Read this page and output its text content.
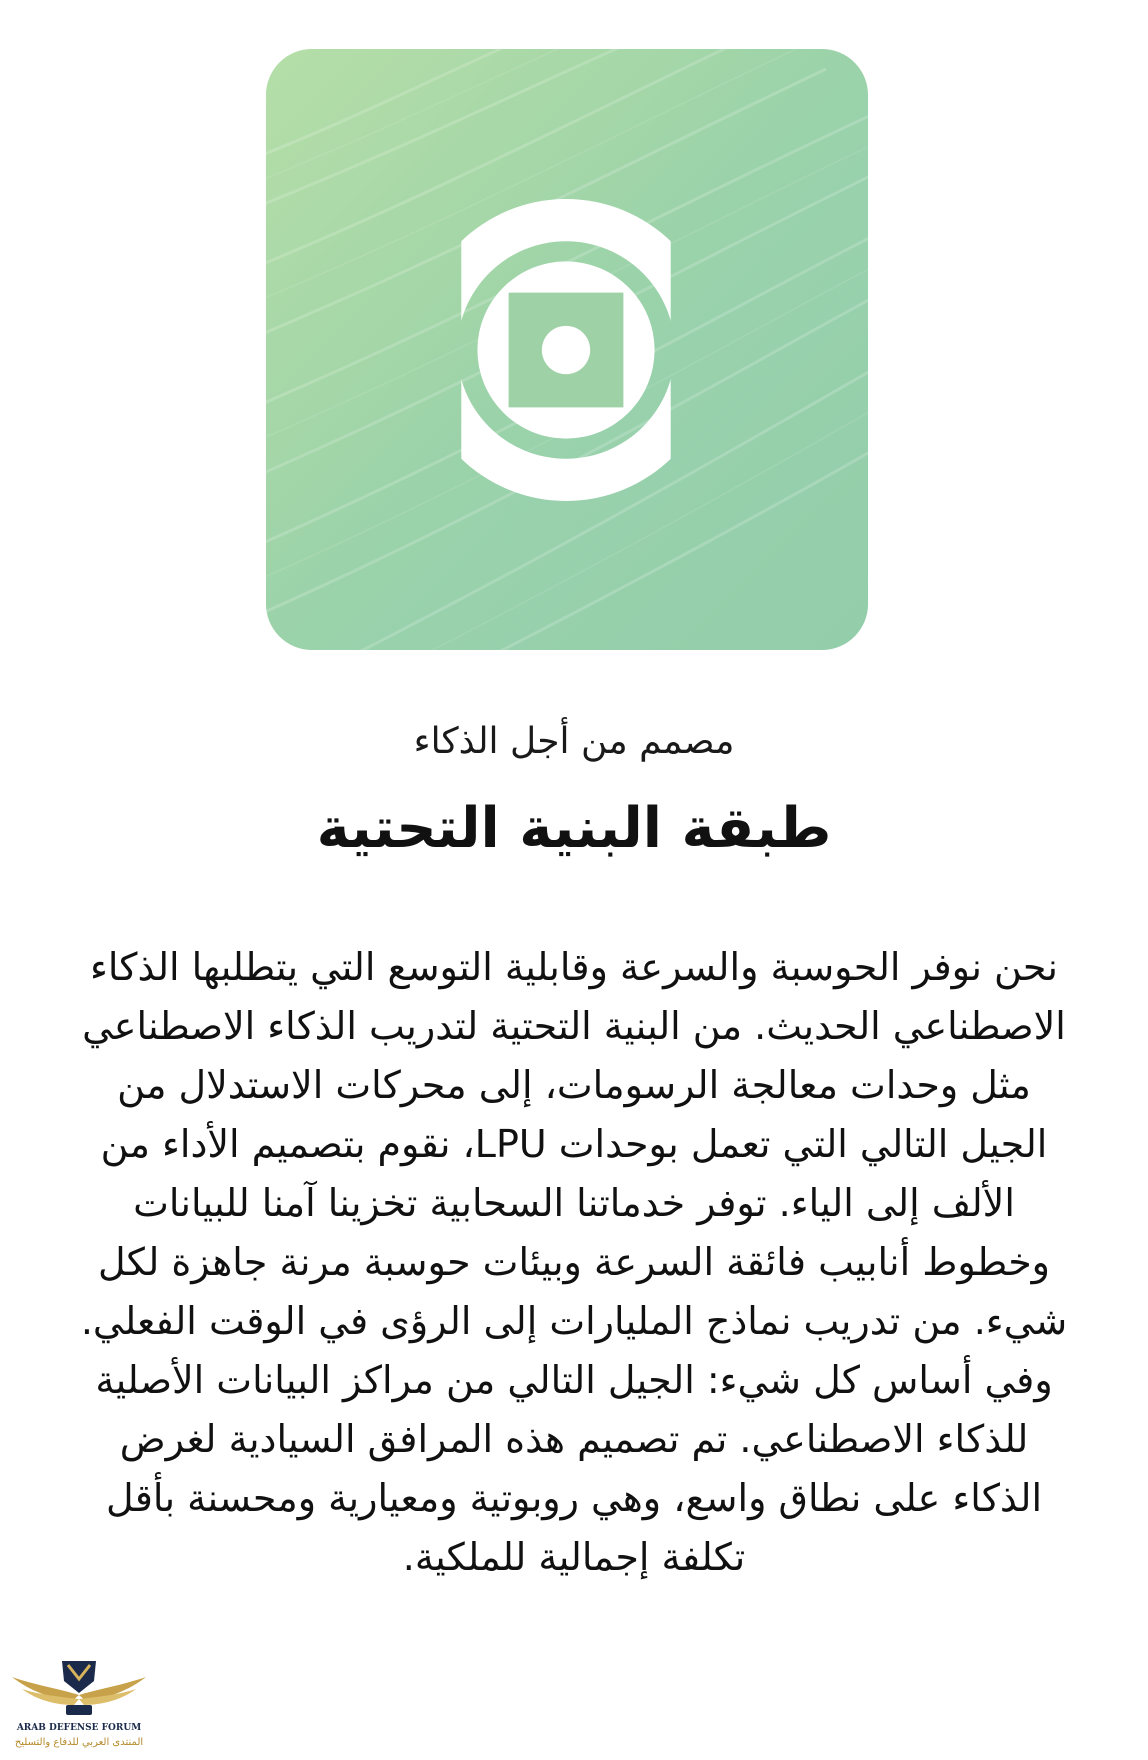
مصمم من أجل الذكاء
طبقة البنية التحتية

نحن نوفر الحوسبة والسرعة وقابلية التوسع التي يتطلبها الذكاء الاصطناعي الحديث. من البنية التحتية لتدريب الذكاء الاصطناعي مثل وحدات معالجة الرسومات، إلى محركات الاستدلال من الجيل التالي التي تعمل بوحدات LPU، نقوم بتصميم الأداء من الألف إلى الياء. توفر خدماتنا السحابية تخزينا آمنا للبيانات وخطوط أنابيب فائقة السرعة وبيئات حوسبة مرنة جاهزة لكل شيء. من تدريب نماذج المليارات إلى الرؤى في الوقت الفعلي. وفي أساس كل شيء: الجيل التالي من مراكز البيانات الأصلية للذكاء الاصطناعي. تم تصميم هذه المرافق السيادية لغرض الذكاء على نطاق واسع، وهي روبوتية ومعيارية ومحسنة بأقل تكلفة إجمالية للملكية.

ARAB DEFENSE FORUM
المنتدى العربي للدفاع والتسليح
